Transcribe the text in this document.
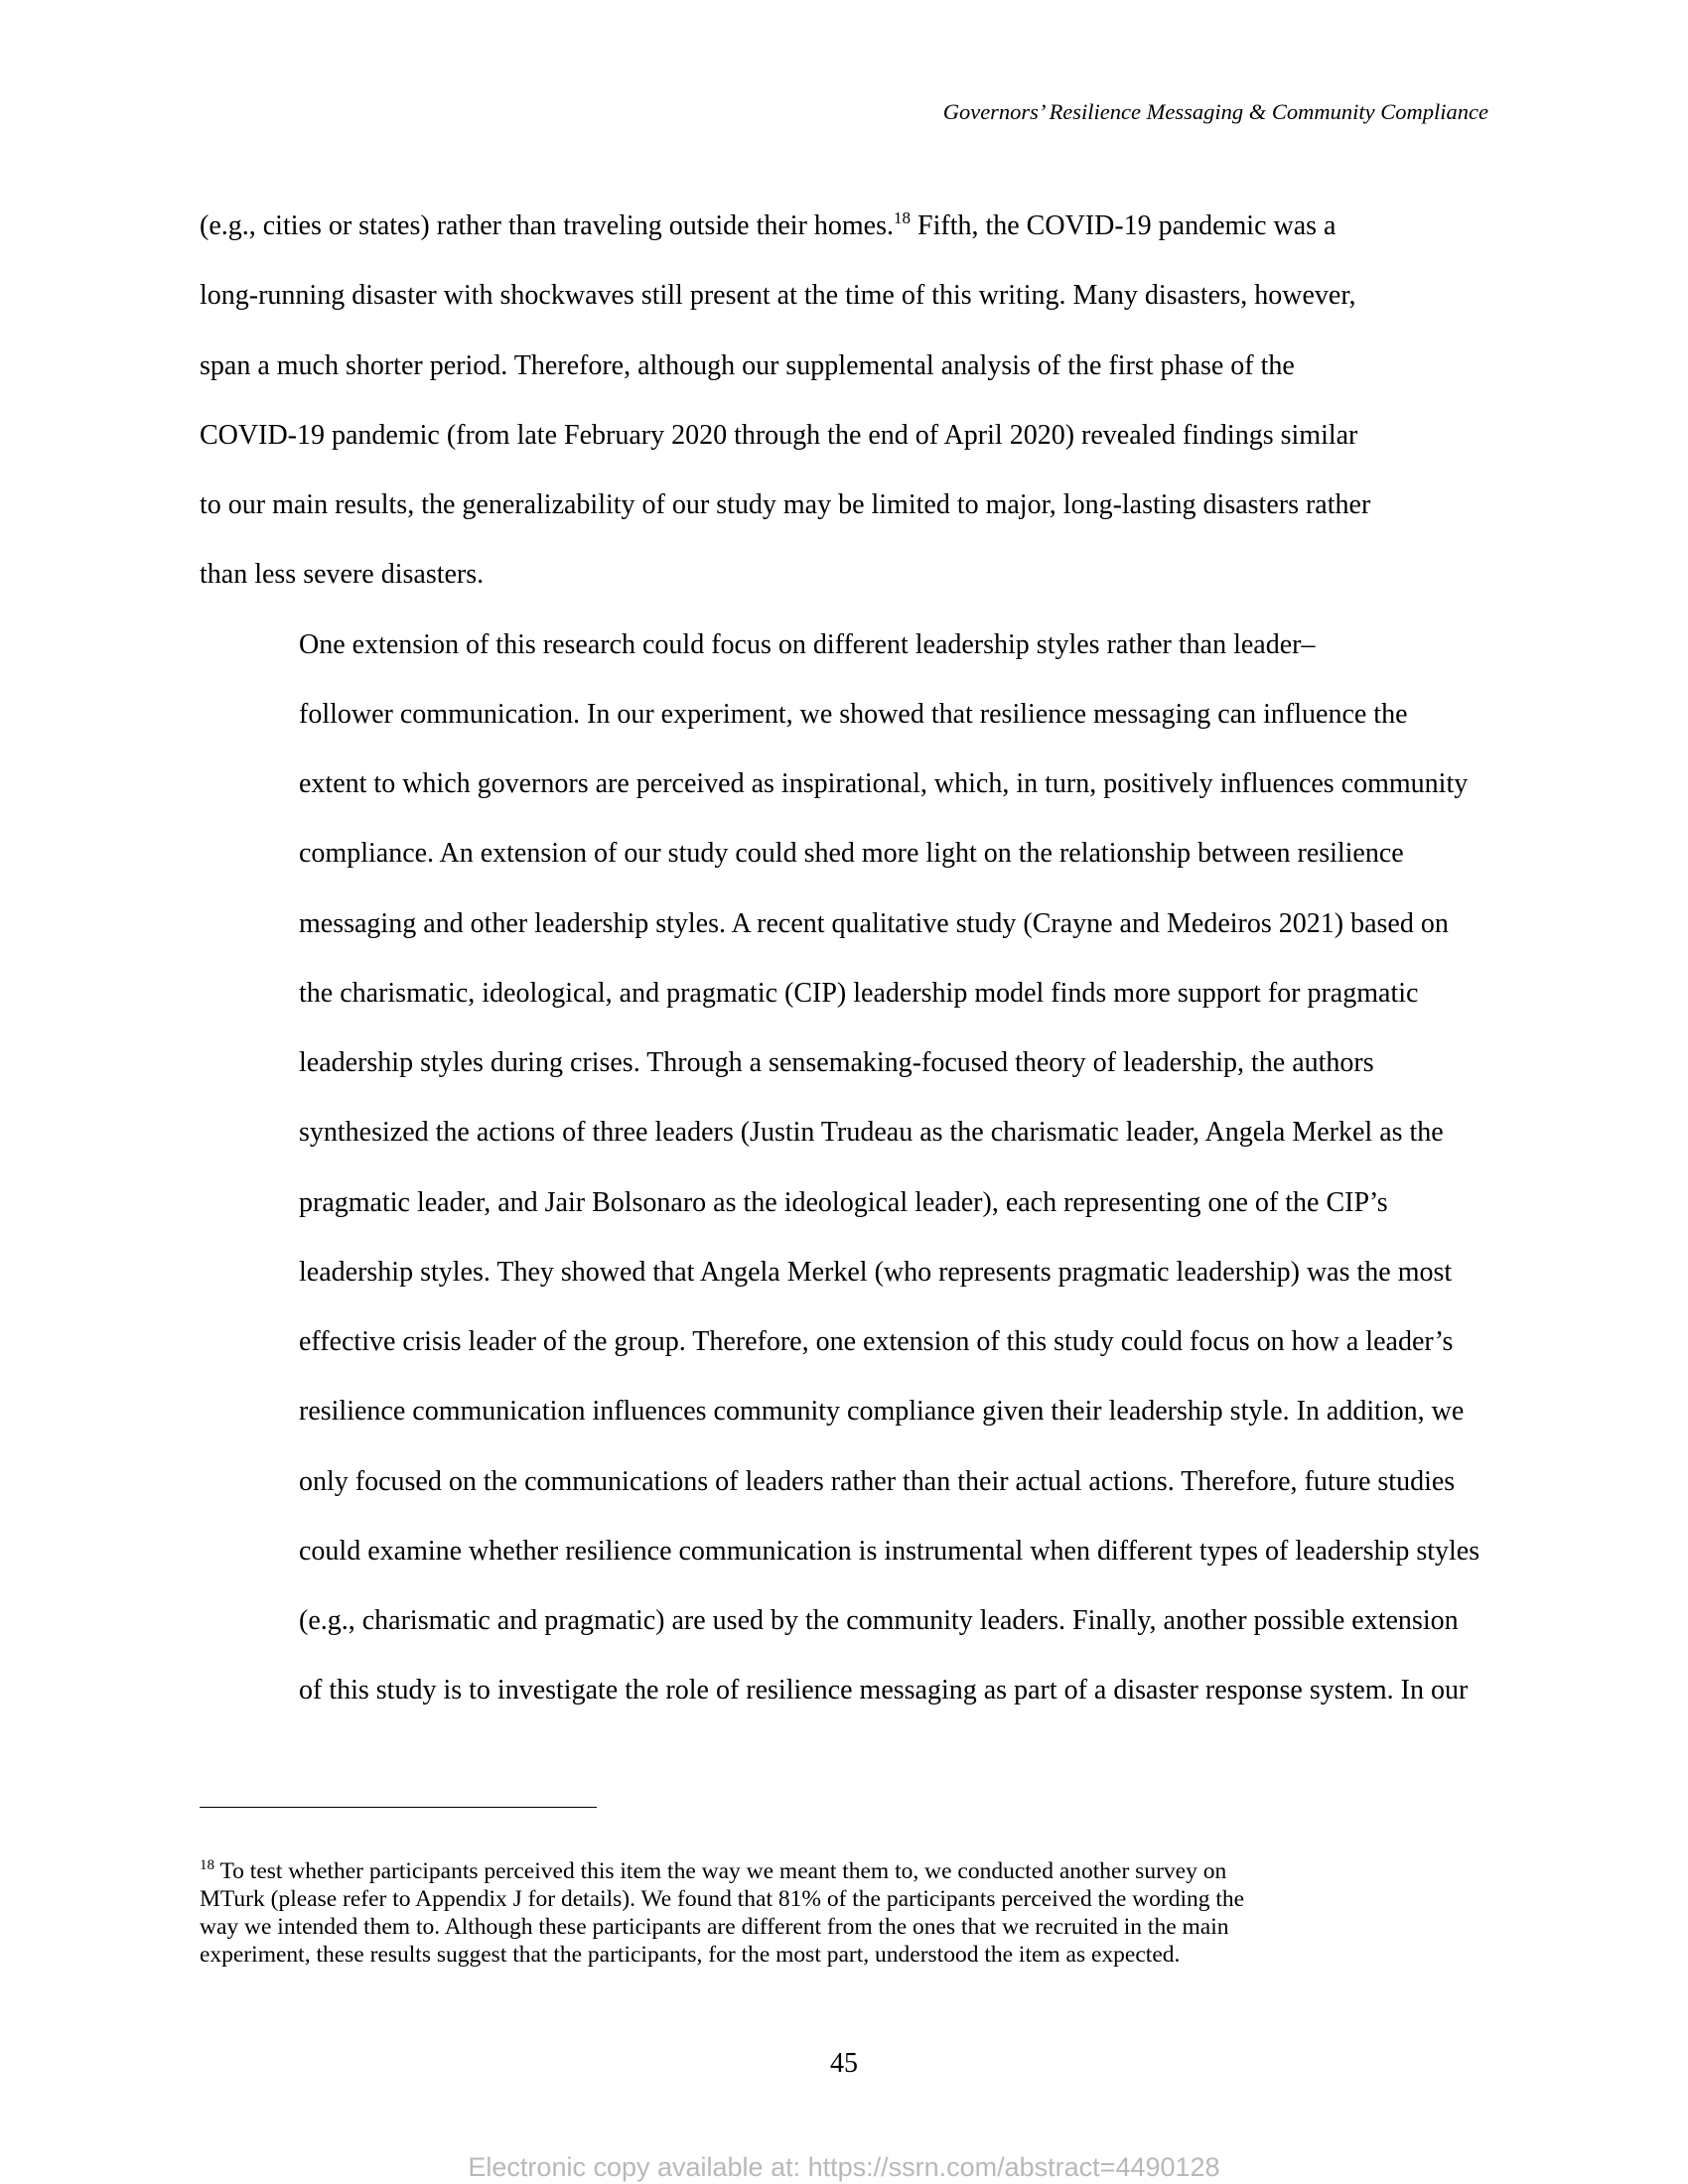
Governors’ Resilience Messaging & Community Compliance

(e.g., cities or states) rather than traveling outside their homes.$^{18}$ Fifth, the COVID-19 pandemic was a
long-running disaster with shockwaves still present at the time of this writing. Many disasters, however,
span a much shorter period. Therefore, although our supplemental analysis of the first phase of the
COVID-19 pandemic (from late February 2020 through the end of April 2020) revealed findings similar
to our main results, the generalizability of our study may be limited to major, long-lasting disasters rather
than less severe disasters.

One extension of this research could focus on different leadership styles rather than leader–
follower communication. In our experiment, we showed that resilience messaging can influence the
extent to which governors are perceived as inspirational, which, in turn, positively influences community
compliance. An extension of our study could shed more light on the relationship between resilience
messaging and other leadership styles. A recent qualitative study (Crayne and Medeiros 2021) based on
the charismatic, ideological, and pragmatic (CIP) leadership model finds more support for pragmatic
leadership styles during crises. Through a sensemaking-focused theory of leadership, the authors
synthesized the actions of three leaders (Justin Trudeau as the charismatic leader, Angela Merkel as the
pragmatic leader, and Jair Bolsonaro as the ideological leader), each representing one of the CIP’s
leadership styles. They showed that Angela Merkel (who represents pragmatic leadership) was the most
effective crisis leader of the group. Therefore, one extension of this study could focus on how a leader’s
resilience communication influences community compliance given their leadership style. In addition, we
only focused on the communications of leaders rather than their actual actions. Therefore, future studies
could examine whether resilience communication is instrumental when different types of leadership styles
(e.g., charismatic and pragmatic) are used by the community leaders. Finally, another possible extension
of this study is to investigate the role of resilience messaging as part of a disaster response system. In our

$^{18}$ To test whether participants perceived this item the way we meant them to, we conducted another survey on
MTurk (please refer to Appendix J for details). We found that 81% of the participants perceived the wording the
way we intended them to. Although these participants are different from the ones that we recruited in the main
experiment, these results suggest that the participants, for the most part, understood the item as expected.
45
Electronic copy available at: https://ssrn.com/abstract=4490128
